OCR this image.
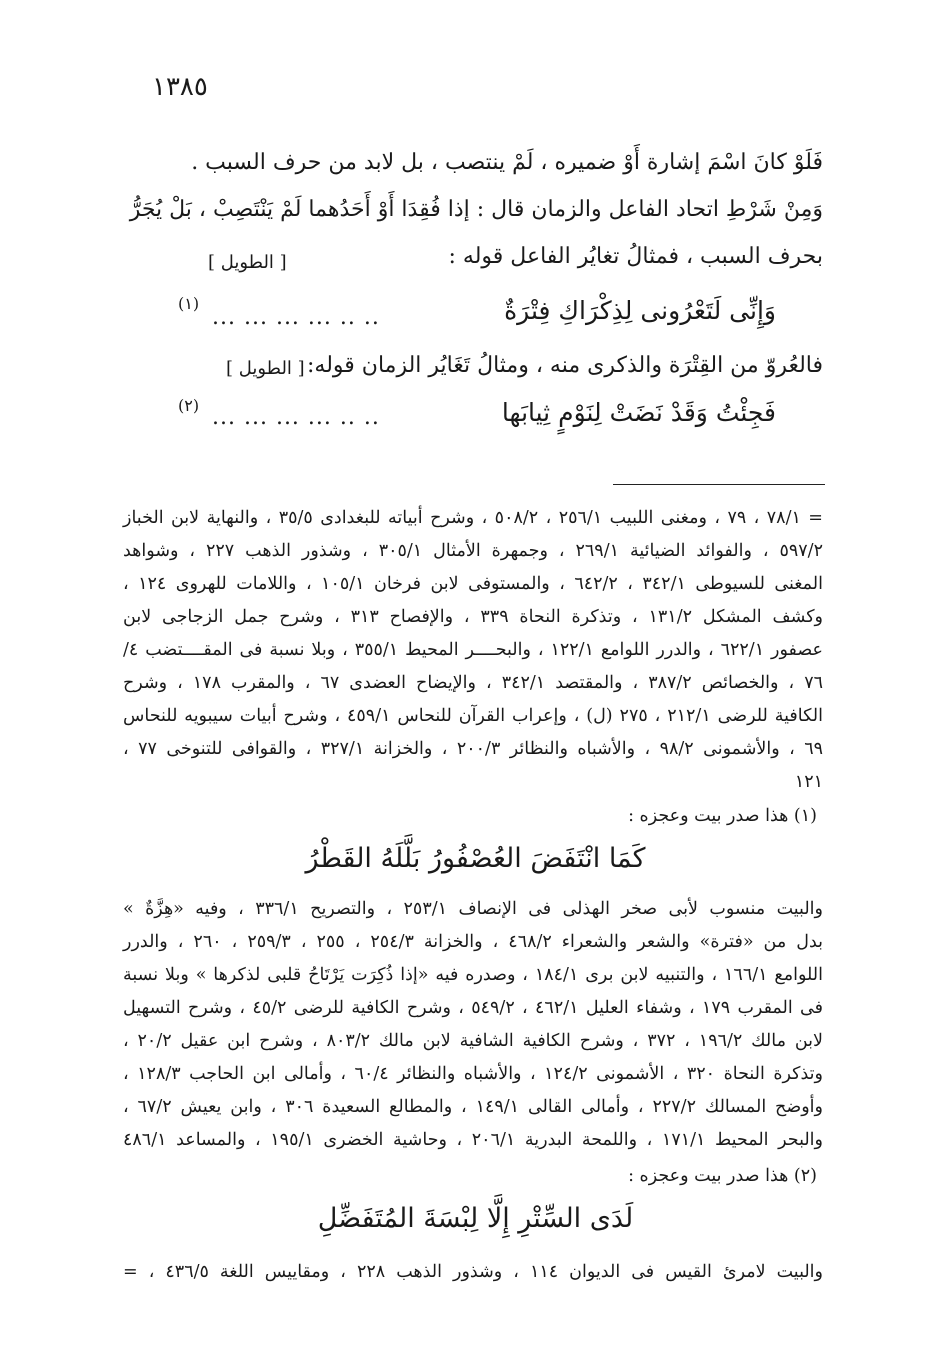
١٣٨٥
فَلَوْ كانَ اسْمَ إشارة أَوْ ضميره ، لَمْ ينتصب ، بل لابد من حرف السبب .
وَمِنْ شَرْطِ اتحاد الفاعل والزمان قال : إذا فُقِدَا أَوْ أَحَدُهما لَمْ يَنْتَصِبْ ، بَلْ يُجَرُّ
بحرف السبب ، فمثالُ تغايُر الفاعل قوله :
[ الطويل ]
وَإِنِّى لَتَعْرُونى لِذِكْرَاكِ فِتْرَةٌ
... ... ... ... .. ..
(١)
فالعُروّ من القِتْرَة والذكرى منه ، ومثالُ تَغَايُر الزمان قوله:
[ الطويل ]
فَجِئْتُ وَقَدْ نَضَتْ لِنَوْمٍ ثِيابَها
... ... ... ... .. ..
(٢)
= ٧٨/١ ، ٧٩ ، ومغنى اللبيب ٢٥٦/١ ، ٥٠٨/٢ ، وشرح أبياته للبغدادى ٣٥/٥ ، والنهاية لابن الخباز
٥٩٧/٢ ، والفوائد الضيائية ٢٦٩/١ ، وجمهرة الأمثال ٣٠٥/١ ، وشذور الذهب ٢٢٧ ، وشواهد
المغنى للسيوطى ٣٤٢/١ ، ٦٤٢/٢ ، والمستوفى لابن فرخان ١٠٥/١ ، واللامات للهروى ١٢٤ ،
وكشف المشكل ١٣١/٢ ، وتذكرة النحاة ٣٣٩ ، والإفصاح ٣١٣ ، وشرح جمل الزجاجى لابن
عصفور ٦٢٢/١ ، والدرر اللوامع ١٢٢/١ ، والبحــــر المحيط ٣٥٥/١ ، وبلا نسبة فى المقــــتضب ٤/
٧٦ ، والخصائص ٣٨٧/٢ ، والمقتصد ٣٤٢/١ ، والإيضاح العضدى ٦٧ ، والمقرب ١٧٨ ، وشرح
الكافية للرضى ٢١٢/١ ، ٢٧٥ (ل) ، وإعراب القرآن للنحاس ٤٥٩/١ ، وشرح أبيات سيبويه للنحاس
٦٩ ، والأشمونى ٩٨/٢ ، والأشباه والنظائر ٢٠٠/٣ ، والخزانة ٣٢٧/١ ، والقوافى للتنوخى ٧٧ ،
١٢١
(١) هذا صدر بيت وعجزه :
كَمَا انْتَفَضَ العُصْفُورُ بَلَّلَهُ القَطْرُ
والبيت منسوب لأبى صخر الهذلى فى الإنصاف ٢٥٣/١ ، والتصريح ٣٣٦/١ ، وفيه «هِزَّةٌ »
بدل من «فترة» والشعر والشعراء ٤٦٨/٢ ، والخزانة ٢٥٤/٣ ، ٢٥٥ ، ٢٥٩/٣ ، ٢٦٠ ، والدرر
اللوامع ١٦٦/١ ، والتنبيه لابن برى ١٨٤/١ ، وصدره فيه «إذا ذُكِرَت يَرْتَاحُ قلبى لذكرها » وبلا نسبة
فى المقرب ١٧٩ ، وشفاء العليل ٤٦٢/١ ، ٥٤٩/٢ ، وشرح الكافية للرضى ٤٥/٢ ، وشرح التسهيل
لابن مالك ١٩٦/٢ ، ٣٧٢ ، وشرح الكافية الشافية لابن مالك ٨٠٣/٢ ، وشرح ابن عقيل ٢٠/٢ ،
وتذكرة النحاة ٣٢٠ ، الأشمونى ١٢٤/٢ ، والأشباه والنظائر ٦٠/٤ ، وأمالى ابن الحاجب ١٢٨/٣ ،
وأوضح المسالك ٢٢٧/٢ ، وأمالى القالى ١٤٩/١ ، والمطالع السعيدة ٣٠٦ ، وابن يعيش ٦٧/٢ ،
والبحر المحيط ١٧١/١ ، واللمحة البدرية ٢٠٦/١ ، وحاشية الخضرى ١٩٥/١ ، والمساعد ٤٨٦/١
(٢) هذا صدر بيت وعجزه :
لَدَى السِّتْرِ إِلَّا لِبْسَةَ المُتَفَضِّلِ
والبيت لامرئ القيس فى الديوان ١١٤ ، وشذور الذهب ٢٢٨ ، ومقاييس اللغة ٤٣٦/٥ ، =
